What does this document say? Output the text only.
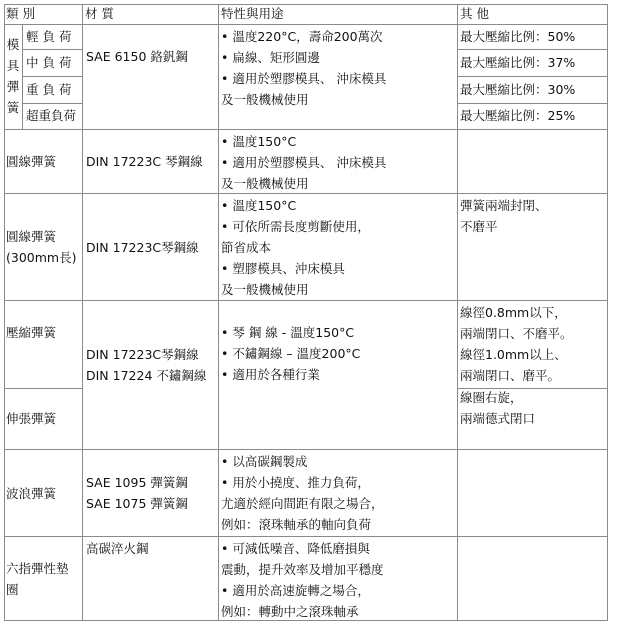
類 別	材 質	特性與用途	其 他
模
具
彈
簧
輕 負 荷
中 負 荷
重 負 荷
超重負荷
SAE 6150 鉻釩鋼
• 溫度220°C，壽命200萬次
• 扁線、矩形圓邊
• 適用於塑膠模具、 沖床模具
及一般機械使用
最大壓縮比例：50%
最大壓縮比例：37%
最大壓縮比例：30%
最大壓縮比例：25%
圓線彈簧 DIN 17223C 琴鋼線
• 溫度150°C
• 適用於塑膠模具、 沖床模具
及一般機械使用
圓線彈簧
(300mm長)
DIN 17223C琴鋼線
• 溫度150°C
• 可依所需長度剪斷使用，
節省成本
• 塑膠模具、沖床模具
及一般機械使用
彈簧兩端封閉、
不磨平
壓縮彈簧
伸張彈簧
DIN 17223C琴鋼線
DIN 17224 不鏽鋼線
• 琴 鋼 線 - 溫度150°C
• 不鏽鋼線 – 溫度200°C
• 適用於各種行業
線徑0.8mm以下，
兩端閉口、不磨平。
線徑1.0mm以上、
兩端閉口、磨平。
線圈右旋，
兩端德式閉口
波浪彈簧
SAE 1095 彈簧鋼
SAE 1075 彈簧鋼
• 以高碳鋼製成
• 用於小撓度、推力負荷，
尤適於經向間距有限之場合，
例如：滾珠軸承的軸向負荷
六指彈性墊
圈
高碳淬火鋼
•	可減低噪音、降低磨損與
震動，提升效率及增加平穩度
• 適用於高速旋轉之場合，
例如：轉動中之滾珠軸承
